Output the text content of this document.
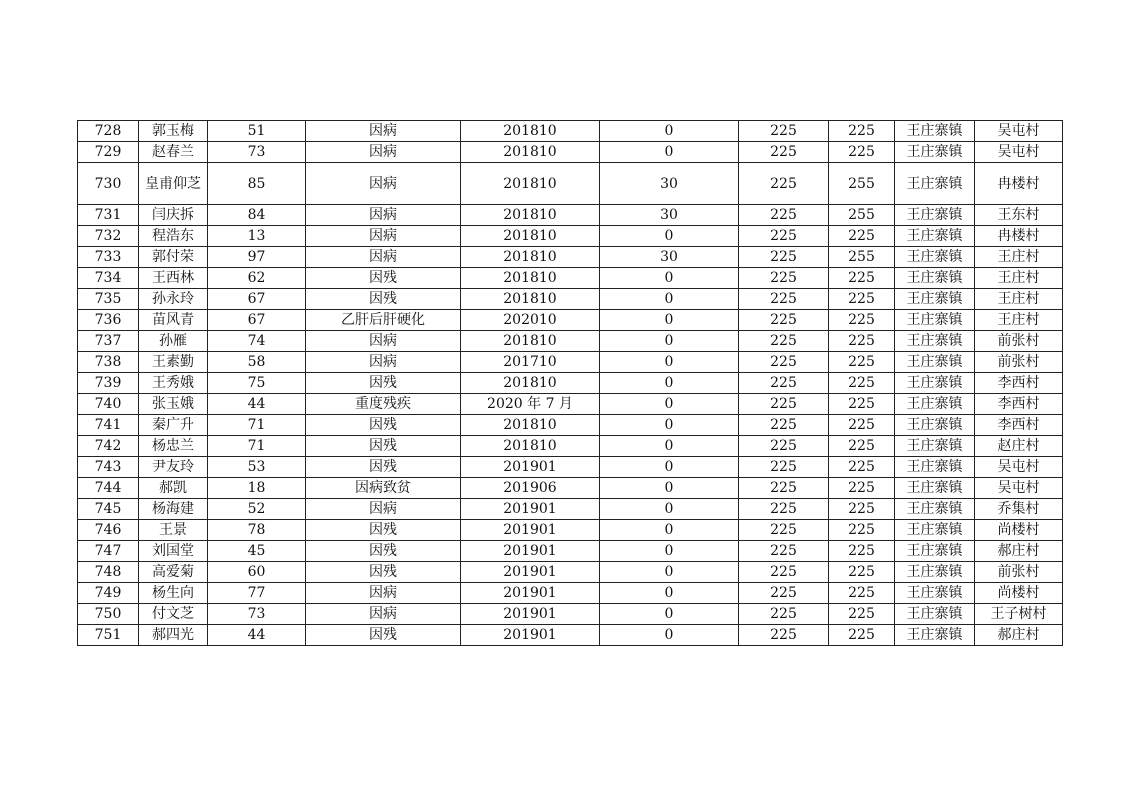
728	郭玉梅	51	因病	201810	0	225	225	王庄寨镇	吴屯村
729	赵春兰	73	因病	201810	0	225	225	王庄寨镇	吴屯村
730	皇甫仰芝	85	因病	201810	30	225	255	王庄寨镇	冉楼村
731	闫庆拆	84	因病	201810	30	225	255	王庄寨镇	王东村
732	程浩东	13	因病	201810	0	225	225	王庄寨镇	冉楼村
733	郭付荣	97	因病	201810	30	225	255	王庄寨镇	王庄村
734	王西林	62	因残	201810	0	225	225	王庄寨镇	王庄村
735	孙永玲	67	因残	201810	0	225	225	王庄寨镇	王庄村
736	苗风青	67	乙肝后肝硬化	202010	0	225	225	王庄寨镇	王庄村
737	孙雁	74	因病	201810	0	225	225	王庄寨镇	前张村
738	王素勤	58	因病	201710	0	225	225	王庄寨镇	前张村
739	王秀娥	75	因残	201810	0	225	225	王庄寨镇	李西村
740	张玉娥	44	重度残疾	2020 年 7 月	0	225	225	王庄寨镇	李西村
741	秦广升	71	因残	201810	0	225	225	王庄寨镇	李西村
742	杨忠兰	71	因残	201810	0	225	225	王庄寨镇	赵庄村
743	尹友玲	53	因残	201901	0	225	225	王庄寨镇	吴屯村
744	郝凯	18	因病致贫	201906	0	225	225	王庄寨镇	吴屯村
745	杨海建	52	因病	201901	0	225	225	王庄寨镇	乔集村
746	王景	78	因残	201901	0	225	225	王庄寨镇	尚楼村
747	刘国堂	45	因残	201901	0	225	225	王庄寨镇	郝庄村
748	高爱菊	60	因残	201901	0	225	225	王庄寨镇	前张村
749	杨生向	77	因病	201901	0	225	225	王庄寨镇	尚楼村
750	付文芝	73	因病	201901	0	225	225	王庄寨镇	王子树村
751	郝四光	44	因残	201901	0	225	225	王庄寨镇	郝庄村
